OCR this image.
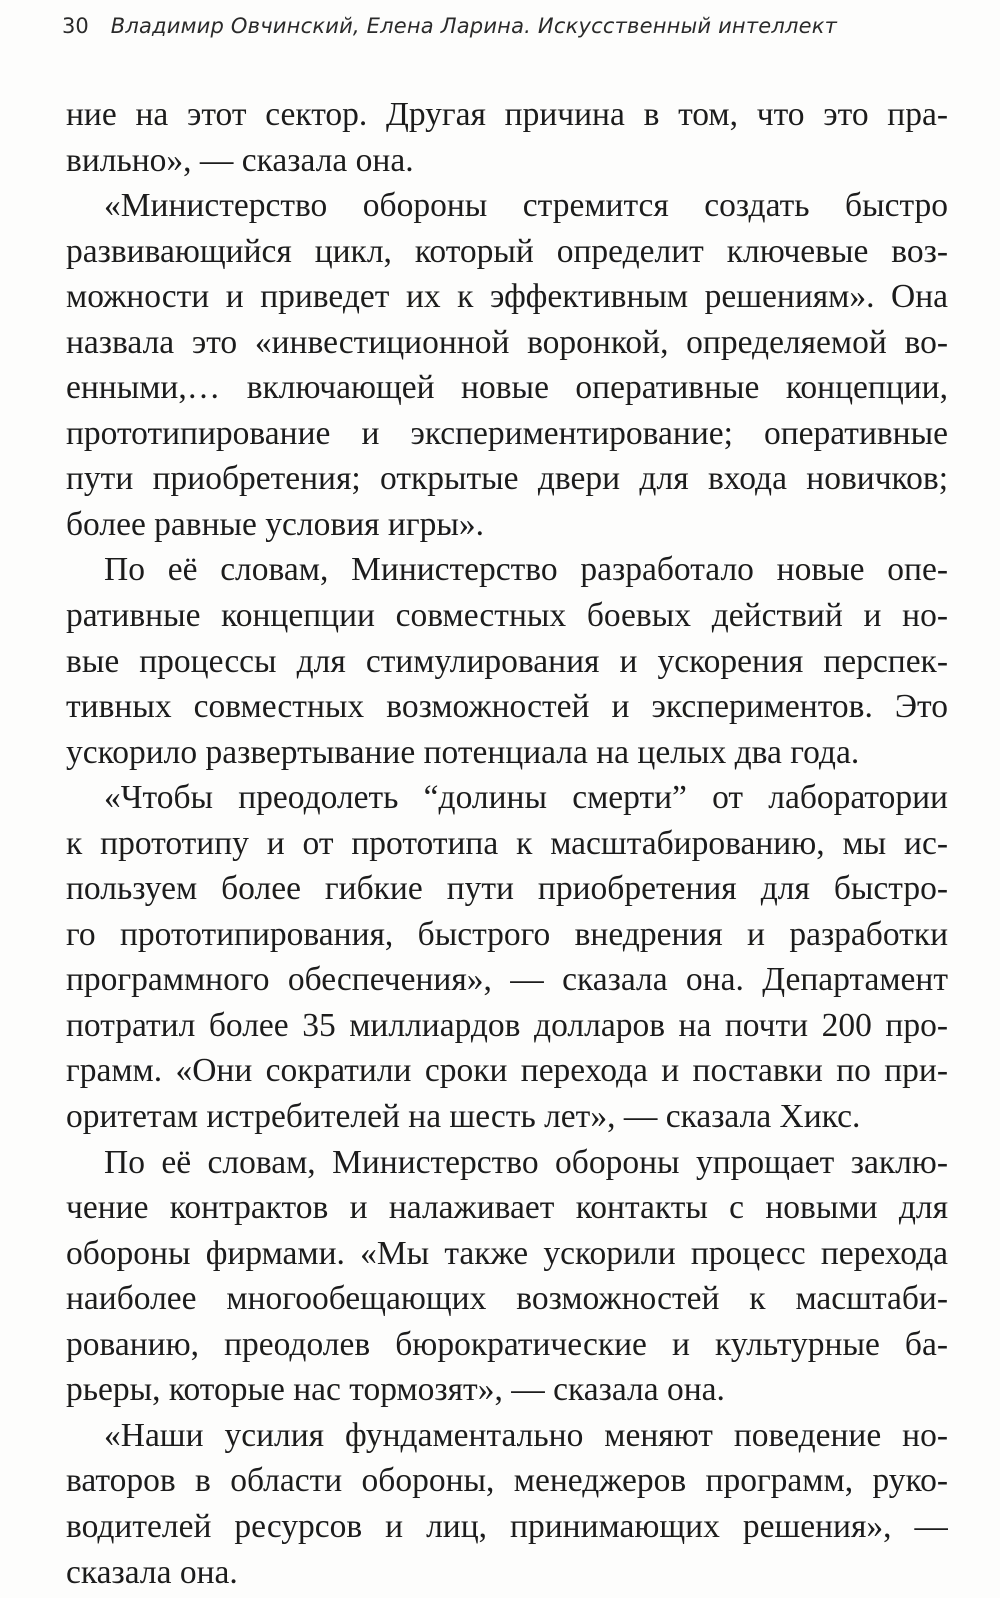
30 Владимир Овчинский, Елена Ларина. Искусственный интеллект

ние на этот сектор. Другая причина в том, что это пра-
вильно», — сказала она.

«Министерство обороны стремится создать быстро
развивающийся цикл, который определит ключевые воз-
можности и приведет их к эффективным решениям». Она
назвала это «инвестиционной воронкой, определяемой во-
енными,… включающей новые оперативные концепции,
прототипирование и экспериментирование; оперативные
пути приобретения; открытые двери для входа новичков;
более равные условия игры».

По её словам, Министерство разработало новые опе-
ративные концепции совместных боевых действий и но-
вые процессы для стимулирования и ускорения перспек-
тивных совместных возможностей и экспериментов. Это
ускорило развертывание потенциала на целых два года.

«Чтобы преодолеть “долины смерти” от лаборатории
к прототипу и от прототипа к масштабированию, мы ис-
пользуем более гибкие пути приобретения для быстро-
го прототипирования, быстрого внедрения и разработки
программного обеспечения», — сказала она. Департамент
потратил более 35 миллиардов долларов на почти 200 про-
грамм. «Они сократили сроки перехода и поставки по при-
оритетам истребителей на шесть лет», — сказала Хикс.

По её словам, Министерство обороны упрощает заклю-
чение контрактов и налаживает контакты с новыми для
обороны фирмами. «Мы также ускорили процесс перехода
наиболее многообещающих возможностей к масштаби-
рованию, преодолев бюрократические и культурные ба-
рьеры, которые нас тормозят», — сказала она.

«Наши усилия фундаментально меняют поведение но-
ваторов в области обороны, менеджеров программ, руко-
водителей ресурсов и лиц, принимающих решения», —
сказала она.
